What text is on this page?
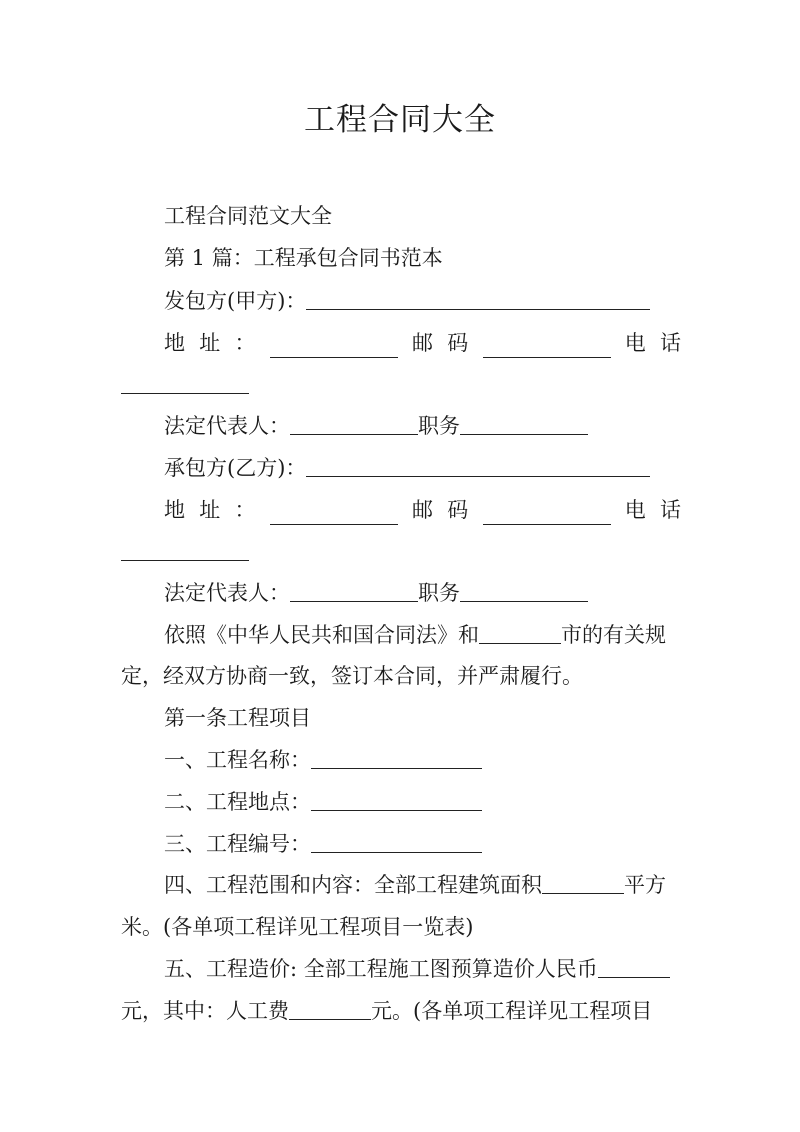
工程合同大全
工程合同范文大全
第 1 篇：工程承包合同书范本
发包方(甲方)：
地 址 ：	邮 码	电 话
法定代表人：	职务
承包方(乙方)：
地 址 ：	邮 码	电 话
法定代表人：	职务
依照《中华人民共和国合同法》和	市的有关规
定，经双方协商一致，签订本合同，并严肃履行。
第一条工程项目
一、工程名称：
二、工程地点：
三、工程编号：
四、工程范围和内容：全部工程建筑面积	平方
米。(各单项工程详见工程项目一览表)
五、工程造价: 全部工程施工图预算造价人民币
元，其中：人工费	元。(各单项工程详见工程项目
